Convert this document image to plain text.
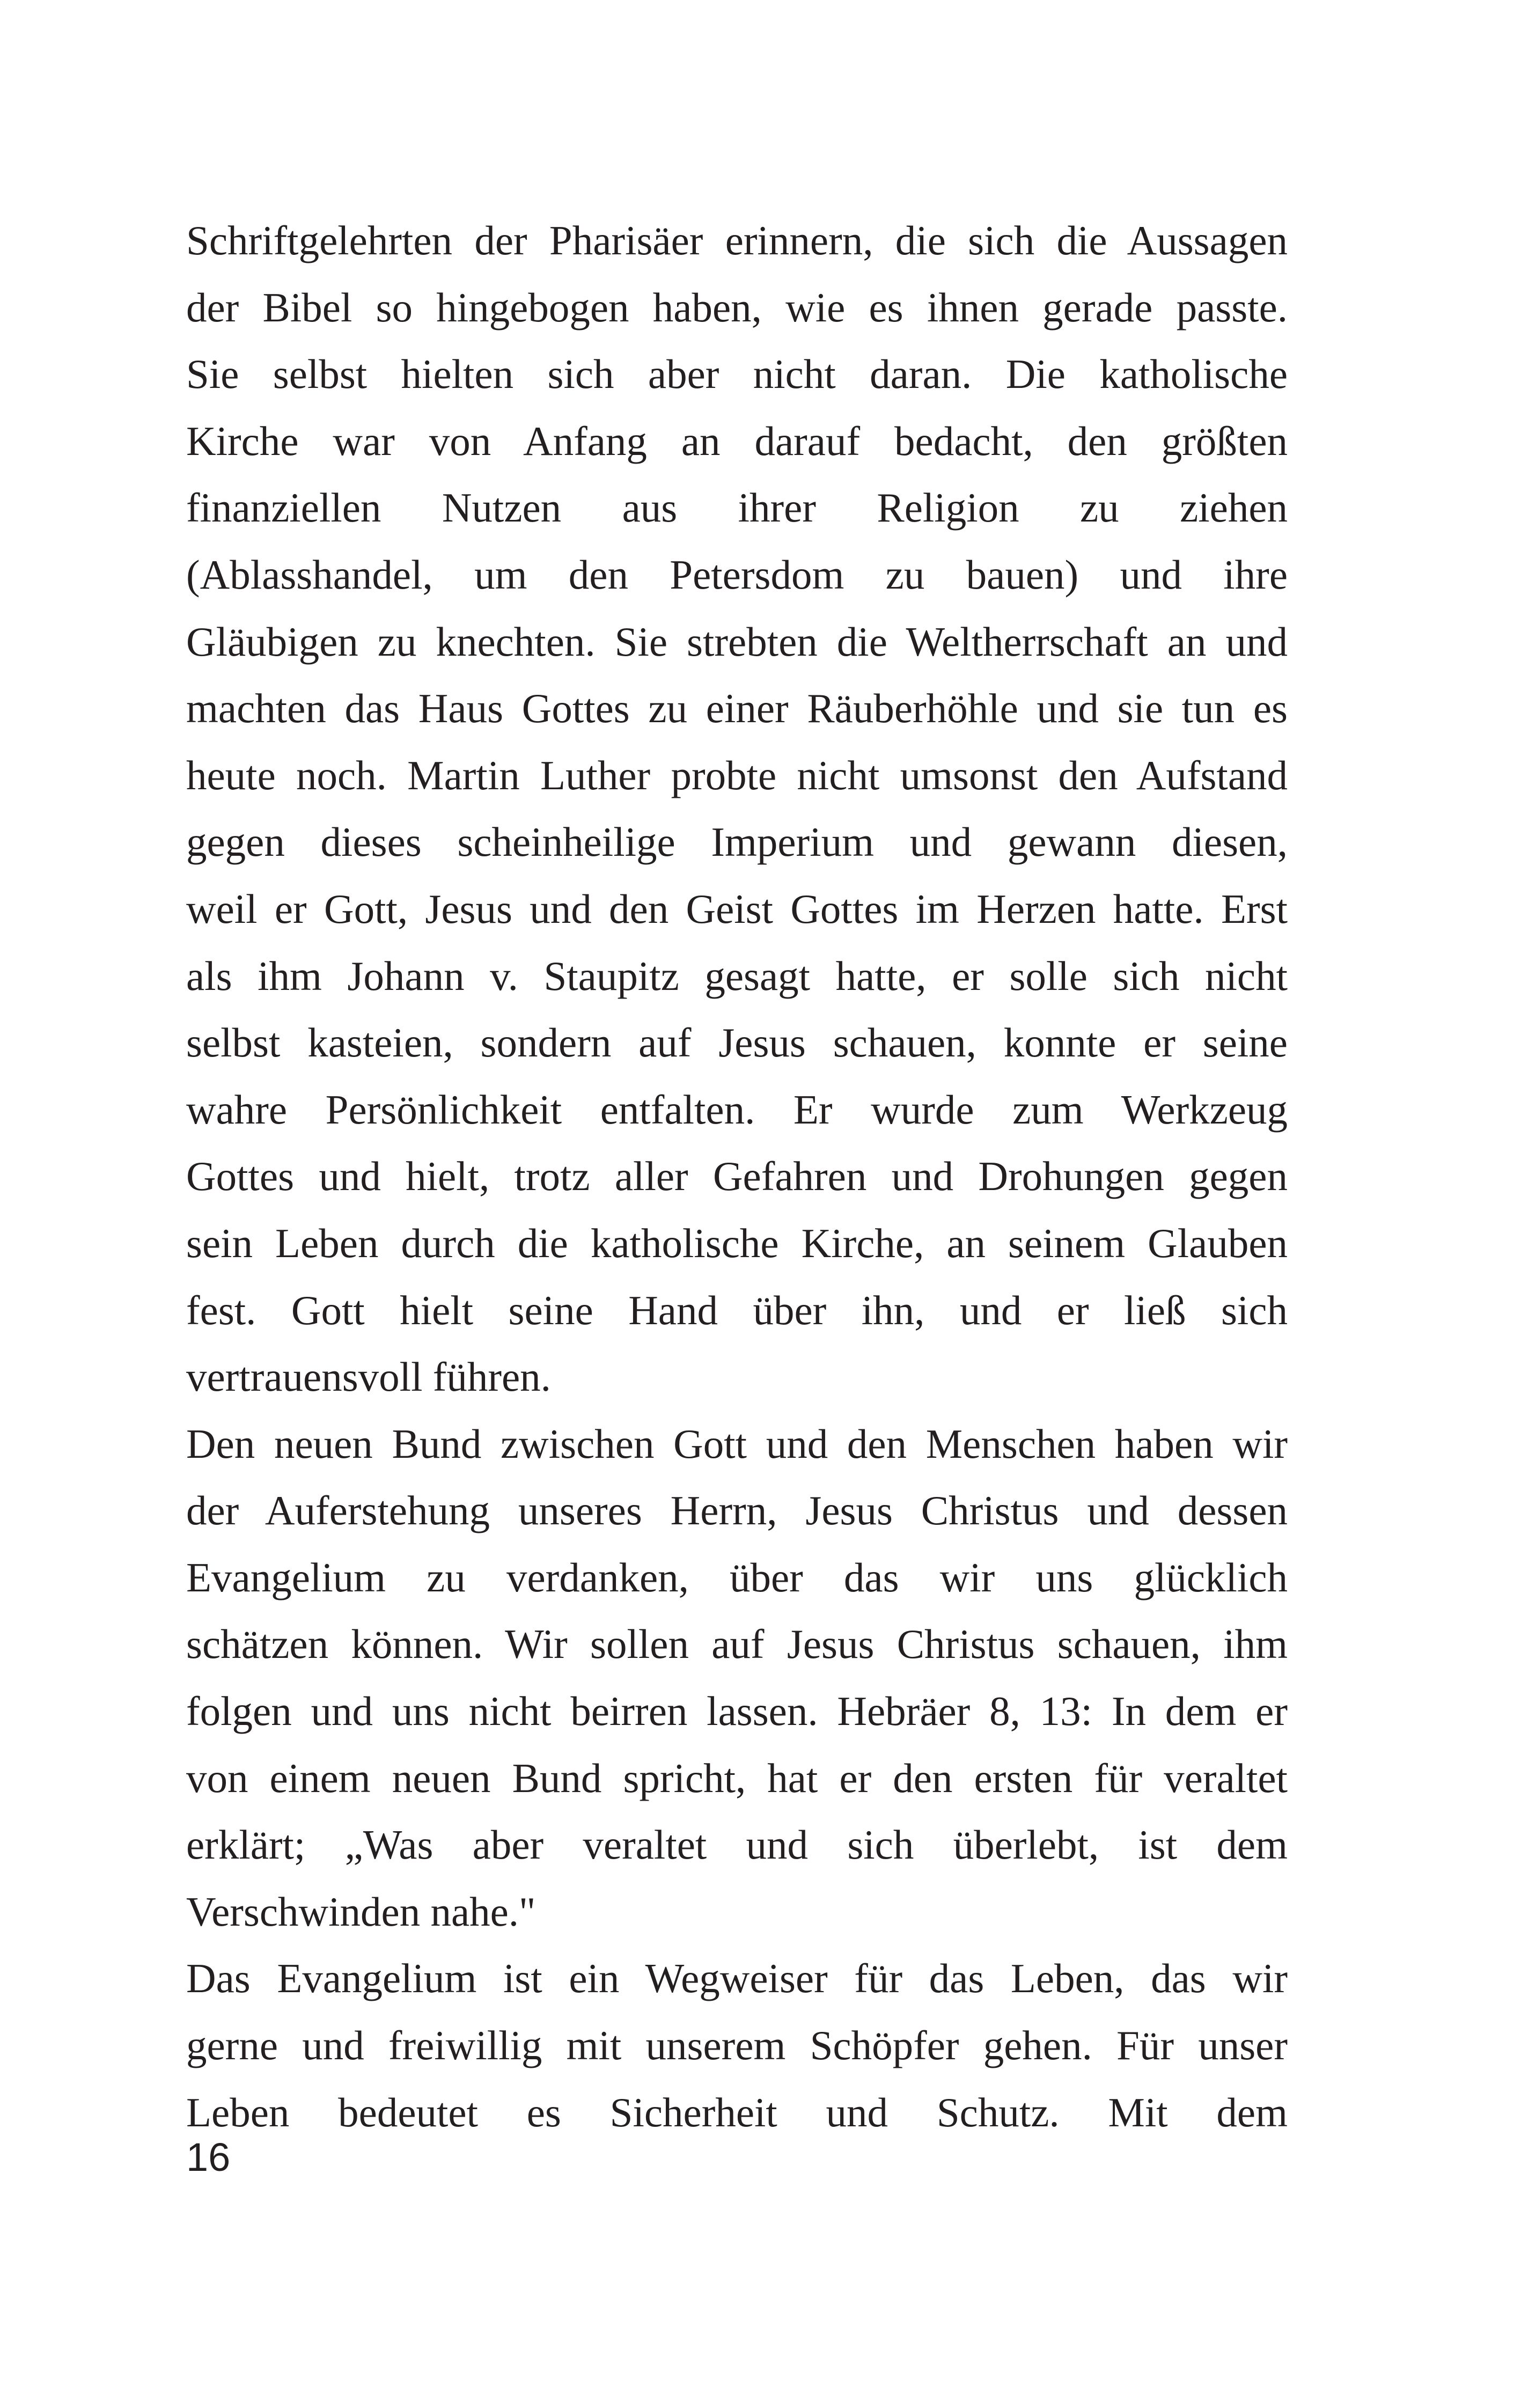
Schriftgelehrten der Pharisäer erinnern, die sich die Aussagen
der Bibel so hingebogen haben, wie es ihnen gerade passte.
Sie selbst hielten sich aber nicht daran. Die katholische
Kirche war von Anfang an darauf bedacht, den größten
finanziellen Nutzen aus ihrer Religion zu ziehen
(Ablasshandel, um den Petersdom zu bauen) und ihre
Gläubigen zu knechten. Sie strebten die Weltherrschaft an und
machten das Haus Gottes zu einer Räuberhöhle und sie tun es
heute noch. Martin Luther probte nicht umsonst den Aufstand
gegen dieses scheinheilige Imperium und gewann diesen,
weil er Gott, Jesus und den Geist Gottes im Herzen hatte. Erst
als ihm Johann v. Staupitz gesagt hatte, er solle sich nicht
selbst kasteien, sondern auf Jesus schauen, konnte er seine
wahre Persönlichkeit entfalten. Er wurde zum Werkzeug
Gottes und hielt, trotz aller Gefahren und Drohungen gegen
sein Leben durch die katholische Kirche, an seinem Glauben
fest. Gott hielt seine Hand über ihn, und er ließ sich
vertrauensvoll führen.
Den neuen Bund zwischen Gott und den Menschen haben wir
der Auferstehung unseres Herrn, Jesus Christus und dessen
Evangelium zu verdanken, über das wir uns glücklich
schätzen können. Wir sollen auf Jesus Christus schauen, ihm
folgen und uns nicht beirren lassen. Hebräer 8, 13: In dem er
von einem neuen Bund spricht, hat er den ersten für veraltet
erklärt; „Was aber veraltet und sich überlebt, ist dem
Verschwinden nahe."
Das Evangelium ist ein Wegweiser für das Leben, das wir
gerne und freiwillig mit unserem Schöpfer gehen. Für unser
Leben bedeutet es Sicherheit und Schutz. Mit dem
16
